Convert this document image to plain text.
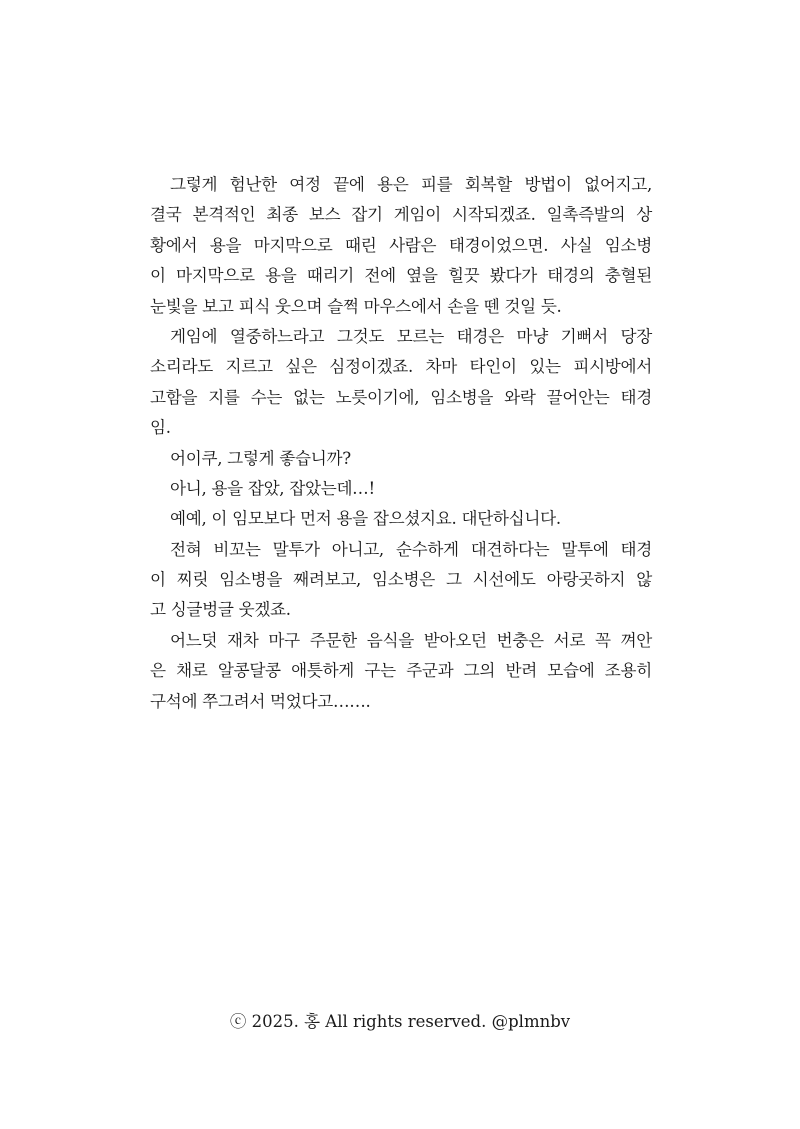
그렇게 험난한 여정 끝에 용은 피를 회복할 방법이 없어지고,
결국 본격적인 최종 보스 잡기 게임이 시작되겠죠. 일촉즉발의 상
황에서 용을 마지막으로 때린 사람은 태경이었으면. 사실 임소병
이 마지막으로 용을 때리기 전에 옆을 힐끗 봤다가 태경의 충혈된
눈빛을 보고 피식 웃으며 슬쩍 마우스에서 손을 뗀 것일 듯.
게임에 열중하느라고 그것도 모르는 태경은 마냥 기뻐서 당장
소리라도 지르고 싶은 심정이겠죠. 차마 타인이 있는 피시방에서
고함을 지를 수는 없는 노릇이기에, 임소병을 와락 끌어안는 태경
임.
어이쿠, 그렇게 좋습니까?
아니, 용을 잡았, 잡았는데…!
예예, 이 임모보다 먼저 용을 잡으셨지요. 대단하십니다.
전혀 비꼬는 말투가 아니고, 순수하게 대견하다는 말투에 태경
이 찌릿 임소병을 째려보고, 임소병은 그 시선에도 아랑곳하지 않
고 싱글벙글 웃겠죠.
어느덧 재차 마구 주문한 음식을 받아오던 번충은 서로 꼭 껴안
은 채로 알콩달콩 애틋하게 구는 주군과 그의 반려 모습에 조용히
구석에 쭈그려서 먹었다고…….
ⓒ 2025. 홍 All rights reserved. @plmnbv
